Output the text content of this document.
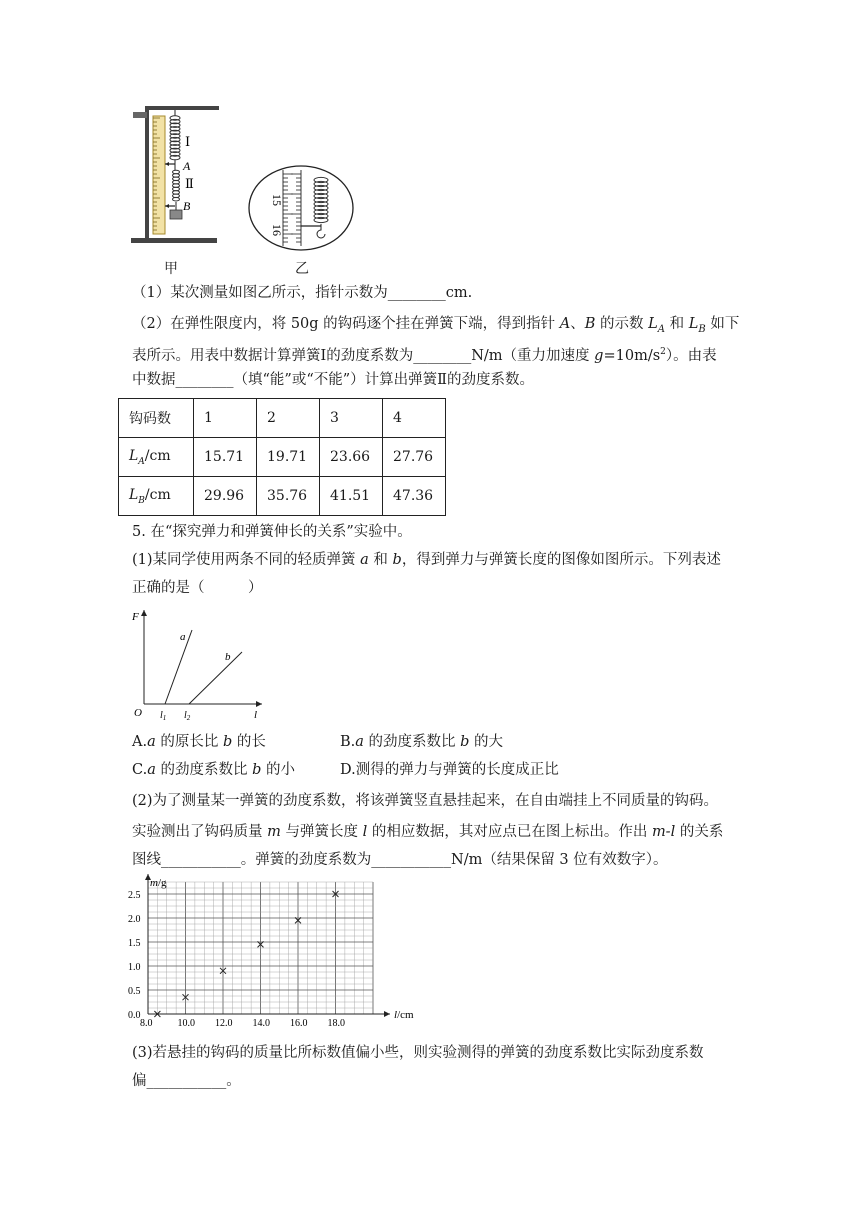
Ⅰ
Ⅱ
A
B	15
16
甲	乙
（1）某次测量如图乙所示，指针示数为________cm.
（2）在弹性限度内，将 50g 的钩码逐个挂在弹簧下端，得到指针 A、B 的示数 $L_A$ 和 $L_B$ 如下
表所示。用表中数据计算弹簧Ⅰ的劲度系数为________N/m（重力加速度 $g=10m/s^2$）。由表
中数据________（填“能”或“不能”）计算出弹簧Ⅱ的劲度系数。
钩码数	1	2	3	4
$L_A/cm$	15.71	19.71	23.66	27.76
$L_B/cm$	29.96	35.76	41.51	47.36
5. 在“探究弹力和弹簧伸长的关系”实验中。
(1)某同学使用两条不同的轻质弹簧 a 和 b，得到弹力与弹簧长度的图像如图所示。下列表述
正确的是（　　　）
F
l
O
a
b
$l_1$ $l_2$
A.a 的原长比 b 的长	B.a 的劲度系数比 b 的大
C.a 的劲度系数比 b 的小	D.测得的弹力与弹簧的长度成正比
(2)为了测量某一弹簧的劲度系数，将该弹簧竖直悬挂起来，在自由端挂上不同质量的钩码。
实验测出了钩码质量 m 与弹簧长度 l 的相应数据，其对应点已在图上标出。作出 m-l 的关系
图线___________。弹簧的劲度系数为___________N/m（结果保留 3 位有效数字）。
8.0	10.0 12.0 14.0 16.0 18.0
0.0
0.5
1.0
1.5
2.0
2.5
m/g
l/cm
(3)若悬挂的钩码的质量比所标数值偏小些，则实验测得的弹簧的劲度系数比实际劲度系数
偏___________。
